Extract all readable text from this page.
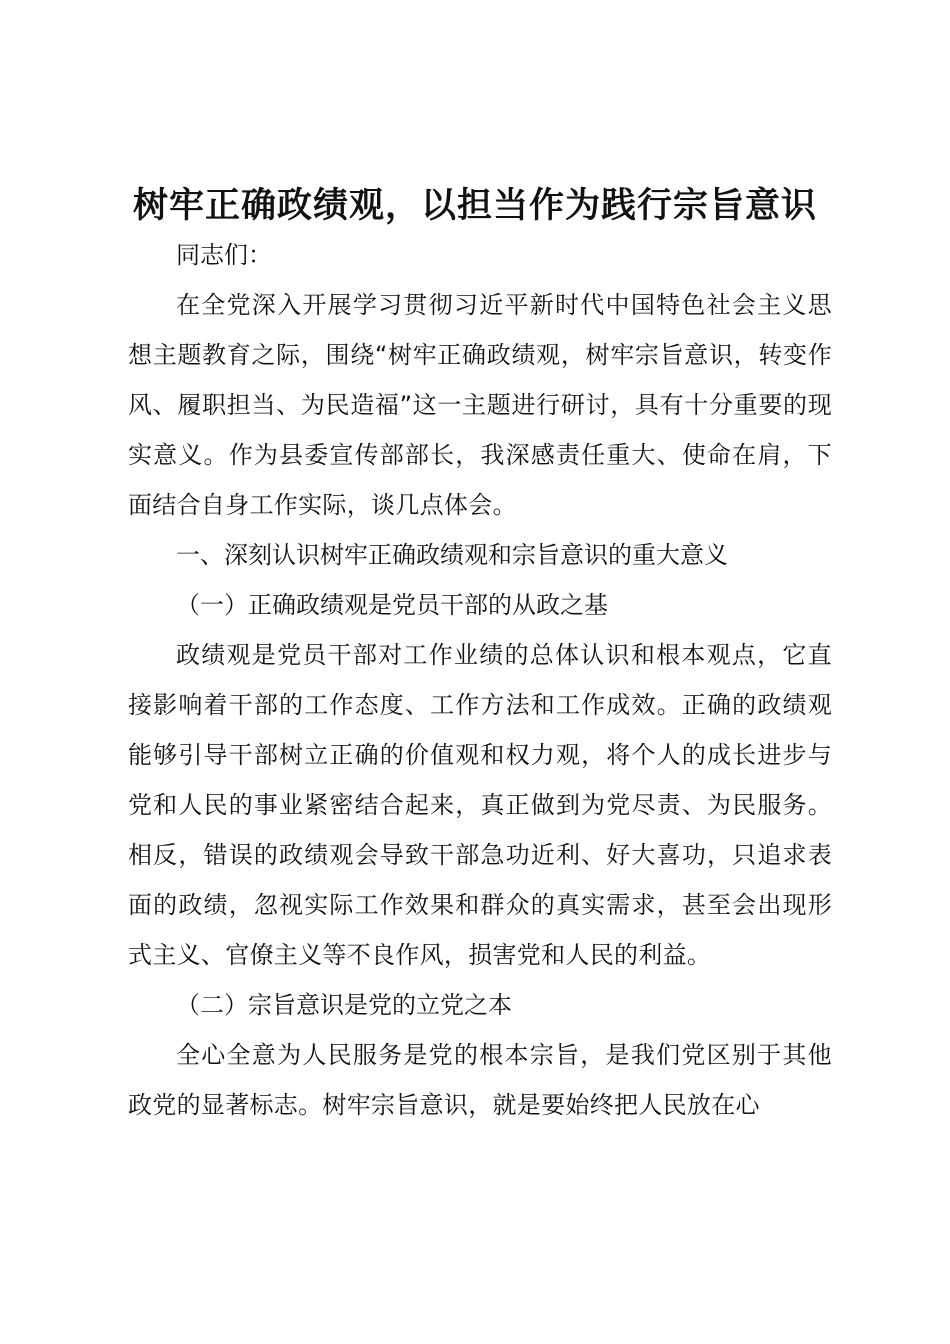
树牢正确政绩观，以担当作为践行宗旨意识

同志们：

在全党深入开展学习贯彻习近平新时代中国特色社会主义思想主题教育之际，围绕“树牢正确政绩观，树牢宗旨意识，转变作风、履职担当、为民造福”这一主题进行研讨，具有十分重要的现实意义。作为县委宣传部部长，我深感责任重大、使命在肩，下面结合自身工作实际，谈几点体会。

一、深刻认识树牢正确政绩观和宗旨意识的重大意义

（一）正确政绩观是党员干部的从政之基

政绩观是党员干部对工作业绩的总体认识和根本观点，它直接影响着干部的工作态度、工作方法和工作成效。正确的政绩观能够引导干部树立正确的价值观和权力观，将个人的成长进步与党和人民的事业紧密结合起来，真正做到为党尽责、为民服务。相反，错误的政绩观会导致干部急功近利、好大喜功，只追求表面的政绩，忽视实际工作效果和群众的真实需求，甚至会出现形式主义、官僚主义等不良作风，损害党和人民的利益。

（二）宗旨意识是党的立党之本

全心全意为人民服务是党的根本宗旨，是我们党区别于其他政党的显著标志。树牢宗旨意识，就是要始终把人民放在心
